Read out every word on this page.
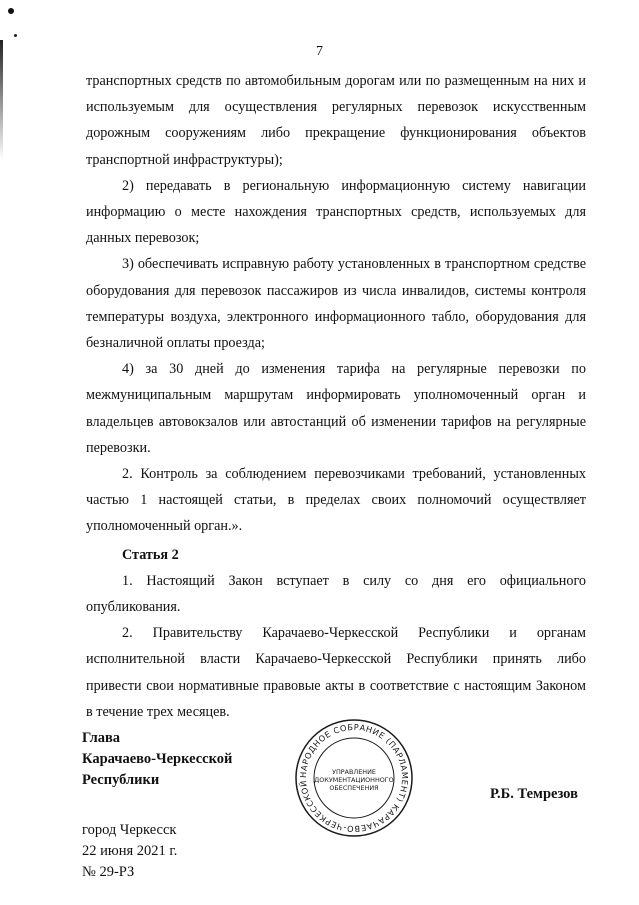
7

транспортных средств по автомобильным дорогам или по размещенным на них и используемым для осуществления регулярных перевозок искусственным дорожным сооружениям либо прекращение функционирования объектов транспортной инфраструктуры);

2) передавать в региональную информационную систему навигации информацию о месте нахождения транспортных средств, используемых для данных перевозок;

3) обеспечивать исправную работу установленных в транспортном средстве оборудования для перевозок пассажиров из числа инвалидов, системы контроля температуры воздуха, электронного информационного табло, оборудования для безналичной оплаты проезда;

4) за 30 дней до изменения тарифа на регулярные перевозки по межмуниципальным маршрутам информировать уполномоченный орган и владельцев автовокзалов или автостанций об изменении тарифов на регулярные перевозки.

2. Контроль за соблюдением перевозчиками требований, установленных частью 1 настоящей статьи, в пределах своих полномочий осуществляет уполномоченный орган.».

Статья 2

1. Настоящий Закон вступает в силу со дня его официального опубликования.

2. Правительству Карачаево-Черкесской Республики и органам исполнительной власти Карачаево-Черкесской Республики принять либо привести свои нормативные правовые акты в соответствие с настоящим Законом в течение трех месяцев.

Глава
Карачаево-Черкесской
Республики	НАРОДНОЕ СОБРАНИЕ (ПАРЛАМЕНТ) КАРАЧАЕВО-ЧЕРКЕССКОЙ
УПРАВЛЕНИЕ
ДОКУМЕНТАЦИОННОГО
ОБЕСПЕЧЕНИЯ	Р.Б. Темрезов
город Черкесск
22 июня 2021 г.
№ 29-РЗ
